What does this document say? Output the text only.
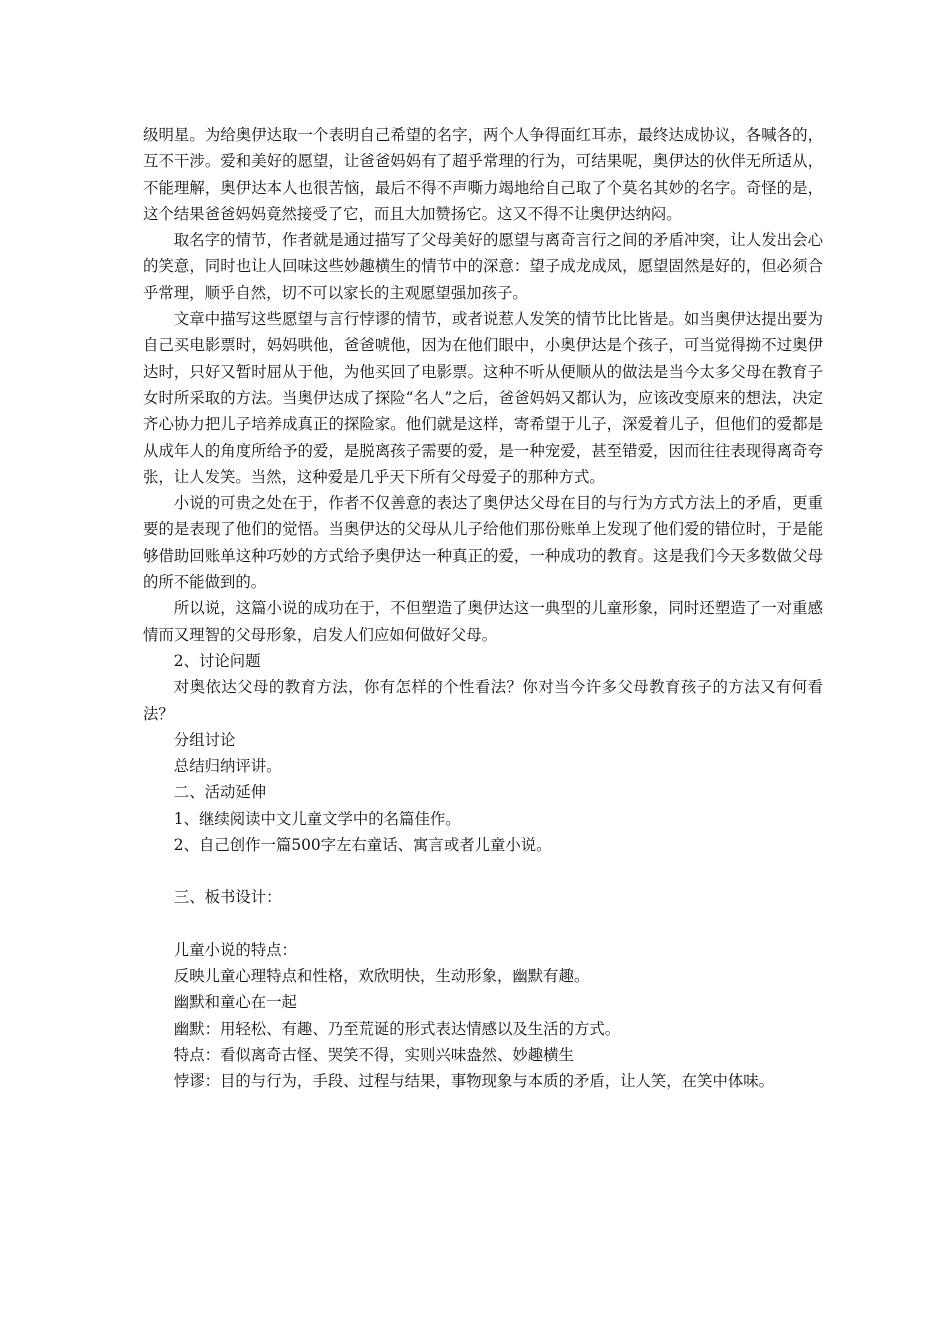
级明星。为给奥伊达取一个表明自己希望的名字，两个人争得面红耳赤，最终达成协议，各喊各的，互不干涉。爱和美好的愿望，让爸爸妈妈有了超乎常理的行为，可结果呢，奥伊达的伙伴无所适从，不能理解，奥伊达本人也很苦恼，最后不得不声嘶力竭地给自己取了个莫名其妙的名字。奇怪的是，这个结果爸爸妈妈竟然接受了它，而且大加赞扬它。这又不得不让奥伊达纳闷。

取名字的情节，作者就是通过描写了父母美好的愿望与离奇言行之间的矛盾冲突，让人发出会心的笑意，同时也让人回味这些妙趣横生的情节中的深意：望子成龙成凤，愿望固然是好的，但必须合乎常理，顺乎自然，切不可以家长的主观愿望强加孩子。

文章中描写这些愿望与言行悖谬的情节，或者说惹人发笑的情节比比皆是。如当奥伊达提出要为自己买电影票时，妈妈哄他，爸爸唬他，因为在他们眼中，小奥伊达是个孩子，可当觉得拗不过奥伊达时，只好又暂时屈从于他，为他买回了电影票。这种不听从便顺从的做法是当今太多父母在教育子女时所采取的方法。当奥伊达成了探险“名人”之后，爸爸妈妈又都认为，应该改变原来的想法，决定齐心协力把儿子培养成真正的探险家。他们就是这样，寄希望于儿子，深爱着儿子，但他们的爱都是从成年人的角度所给予的爱，是脱离孩子需要的爱，是一种宠爱，甚至错爱，因而往往表现得离奇夸张，让人发笑。当然，这种爱是几乎天下所有父母爱子的那种方式。

小说的可贵之处在于，作者不仅善意的表达了奥伊达父母在目的与行为方式方法上的矛盾，更重要的是表现了他们的觉悟。当奥伊达的父母从儿子给他们那份账单上发现了他们爱的错位时，于是能够借助回账单这种巧妙的方式给予奥伊达一种真正的爱，一种成功的教育。这是我们今天多数做父母的所不能做到的。

所以说，这篇小说的成功在于，不但塑造了奥伊达这一典型的儿童形象，同时还塑造了一对重感情而又理智的父母形象，启发人们应如何做好父母。

2、讨论问题

对奥依达父母的教育方法，你有怎样的个性看法？你对当今许多父母教育孩子的方法又有何看法？

分组讨论

总结归纳评讲。

二、活动延伸

1、继续阅读中文儿童文学中的名篇佳作。

2、自己创作一篇500字左右童话、寓言或者儿童小说。

三、板书设计：

儿童小说的特点：

反映儿童心理特点和性格，欢欣明快，生动形象，幽默有趣。

幽默和童心在一起

幽默：用轻松、有趣、乃至荒诞的形式表达情感以及生活的方式。

特点：看似离奇古怪、哭笑不得，实则兴味盎然、妙趣横生

悖谬：目的与行为，手段、过程与结果，事物现象与本质的矛盾，让人笑，在笑中体味。
